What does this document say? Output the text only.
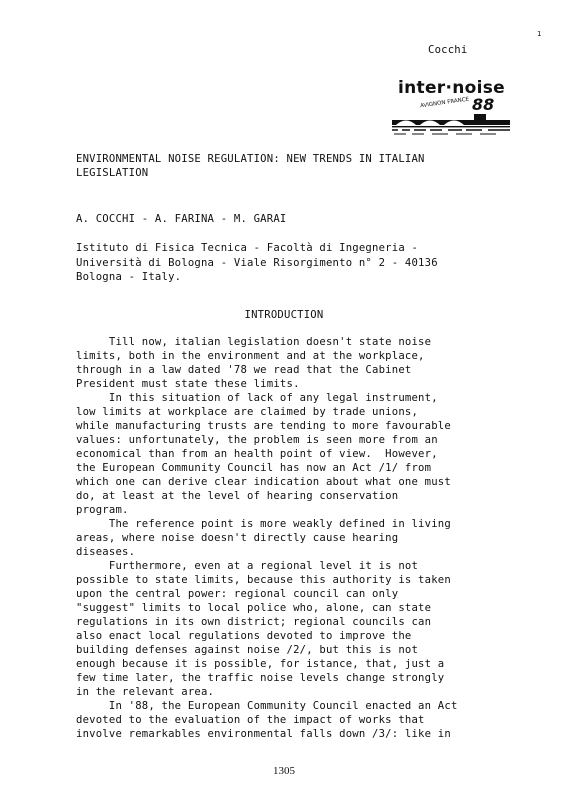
1
Cocchi
inter·noise
AVIGNON FRANCE 88
ENVIRONMENTAL NOISE REGULATION: NEW TRENDS IN ITALIAN
LEGISLATION
A. COCCHI - A. FARINA - M. GARAI
Istituto di Fisica Tecnica - Facoltà di Ingegneria -
Università di Bologna - Viale Risorgimento n° 2 - 40136
Bologna - Italy.
INTRODUCTION

Till now, italian legislation doesn't state noise

limits, both in the environment and at the workplace,

through in a law dated '78 we read that the Cabinet

President must state these limits.

In this situation of lack of any legal instrument,

low limits at workplace are claimed by trade unions,

while manufacturing trusts are tending to more favourable

values: unfortunately, the problem is seen more from an

economical than from an health point of view.  However,

the European Community Council has now an Act /1/ from

which one can derive clear indication about what one must

do, at least at the level of hearing conservation

program.

The reference point is more weakly defined in living

areas, where noise doesn't directly cause hearing

diseases.

Furthermore, even at a regional level it is not

possible to state limits, because this authority is taken

upon the central power: regional council can only

"suggest" limits to local police who, alone, can state

regulations in its own district; regional councils can

also enact local regulations devoted to improve the

building defenses against noise /2/, but this is not

enough because it is possible, for istance, that, just a

few time later, the traffic noise levels change strongly

in the relevant area.

In '88, the European Community Council enacted an Act

devoted to the evaluation of the impact of works that

involve remarkables environmental falls down /3/: like in

1305
